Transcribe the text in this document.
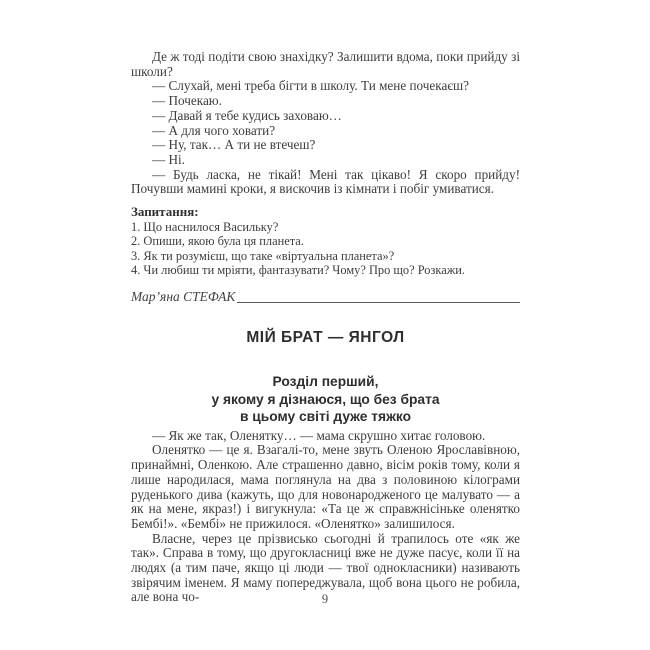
Де ж тоді подіти свою знахідку? Залишити вдома, поки прийду зі школи?

— Слухай, мені треба бігти в школу. Ти мене почекаєш?

— Почекаю.

— Давай я тебе кудись заховаю…

— А для чого ховати?

— Ну, так… А ти не втечеш?

— Ні.

— Будь ласка, не тікай! Мені так цікаво! Я скоро прийду! Почувши мамині кроки, я вискочив із кімнати і побіг умиватися.

Запитання:

1. Що наснилося Васильку?

2. Опиши, якою була ця планета.

3. Як ти розумієш, що таке «віртуальна планета»?

4. Чи любиш ти мріяти, фантазувати? Чому? Про що? Розкажи.

Мар’яна СТЕФАК
МІЙ БРАТ — ЯНГОЛ
Розділ перший,
у якому я дізнаюся, що без брата
в цьому світі дуже тяжко

— Як же так, Оленятку… — мама скрушно хитає головою.

Оленятко — це я. Взагалі-то, мене звуть Оленою Ярославівною, принаймні, Оленкою. Але страшенно давно, вісім років тому, коли я лише народилася, мама поглянула на два з половиною кілограми руденького дива (кажуть, що для новонародженого це малувато — а як на мене, якраз!) і вигукнула: «Та це ж справжнісіньке оленятко Бембі!». «Бембі» не прижилося. «Оленятко» залишилося.

Власне, через це прізвисько сьогодні й трапилось оте «як же так». Справа в тому, що другокласниці вже не дуже пасує, коли її на людях (а тим паче, якщо ці люди — твої однокласники) називають звірячим іменем. Я маму попереджувала, щоб вона цього не робила, але вона чо-	9
